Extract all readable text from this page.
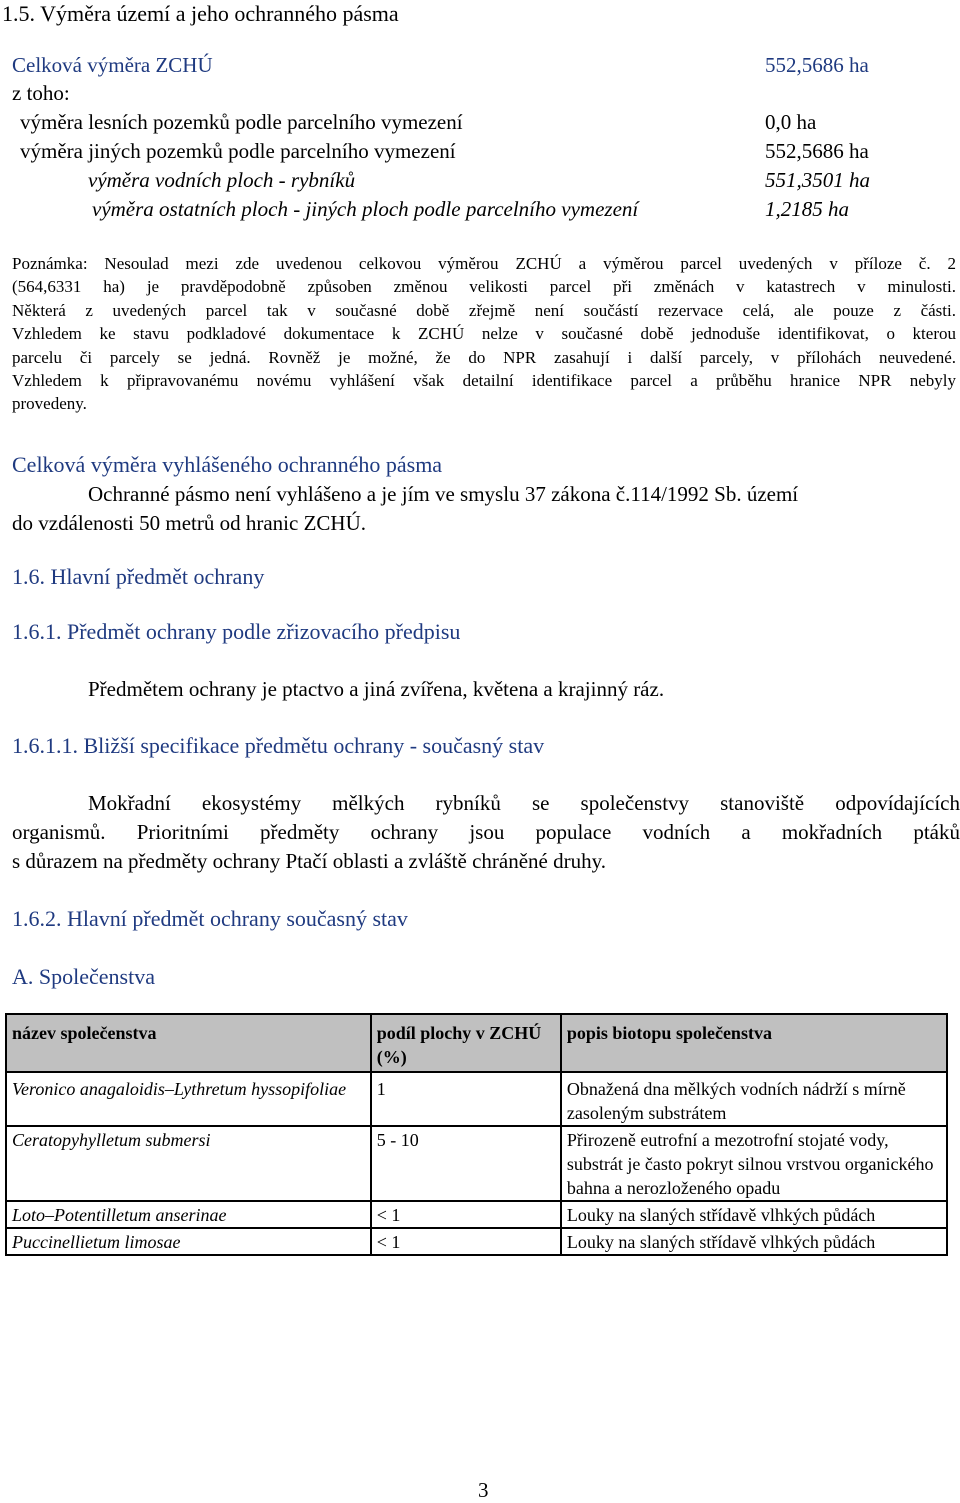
1.5. Výměra území a jeho ochranného pásma
Celková výměra ZCHÚ	552,5686 ha
z toho:
výměra lesních pozemků podle parcelního vymezení	0,0 ha
výměra jiných pozemků podle parcelního vymezení	552,5686 ha
výměra vodních ploch - rybníků	551,3501 ha
výměra ostatních ploch - jiných ploch podle parcelního vymezení	1,2185 ha
Poznámka: Nesoulad mezi zde uvedenou celkovou výměrou ZCHÚ a výměrou parcel uvedených v příloze č. 2
(564,6331 ha) je pravděpodobně způsoben změnou velikosti parcel při změnách v katastrech v minulosti.
Některá z uvedených parcel tak v současné době zřejmě není součástí rezervace celá, ale pouze z části.
Vzhledem ke stavu podkladové dokumentace k ZCHÚ nelze v současné době jednoduše identifikovat, o kterou
parcelu či parcely se jedná. Rovněž je možné, že do NPR zasahují i další parcely, v přílohách neuvedené.
Vzhledem k připravovanému novému vyhlášení však detailní identifikace parcel a průběhu hranice NPR nebyly
provedeny.
Celková výměra vyhlášeného ochranného pásma
Ochranné pásmo není vyhlášeno a je jím ve smyslu 37 zákona č.114/1992 Sb. území
do vzdálenosti 50 metrů od hranic ZCHÚ.
1.6. Hlavní předmět ochrany
1.6.1. Předmět ochrany podle zřizovacího předpisu
Předmětem ochrany je ptactvo a jiná zvířena, květena a krajinný ráz.
1.6.1.1. Bližší specifikace předmětu ochrany - současný stav
Mokřadní ekosystémy mělkých rybníků se společenstvy stanoviště odpovídajících
organismů. Prioritními předměty ochrany jsou populace vodních a mokřadních ptáků
s důrazem na předměty ochrany Ptačí oblasti a zvláště chráněné druhy.
1.6.2. Hlavní předmět ochrany současný stav
A. Společenstva
název společenstva	podíl plochy v ZCHÚ (%)	popis biotopu společenstva
Veronico anagaloidis–Lythretum hyssopifoliae	1	Obnažená dna mělkých vodních nádrží s mírně zasoleným substrátem
Ceratopyhylletum submersi	5 - 10	Přirozeně eutrofní a mezotrofní stojaté vody, substrát je často pokryt silnou vrstvou organického bahna a nerozloženého opadu
Loto–Potentilletum anserinae	< 1	Louky na slaných střídavě vlhkých půdách
Puccinellietum limosae	< 1	Louky na slaných střídavě vlhkých půdách
3
